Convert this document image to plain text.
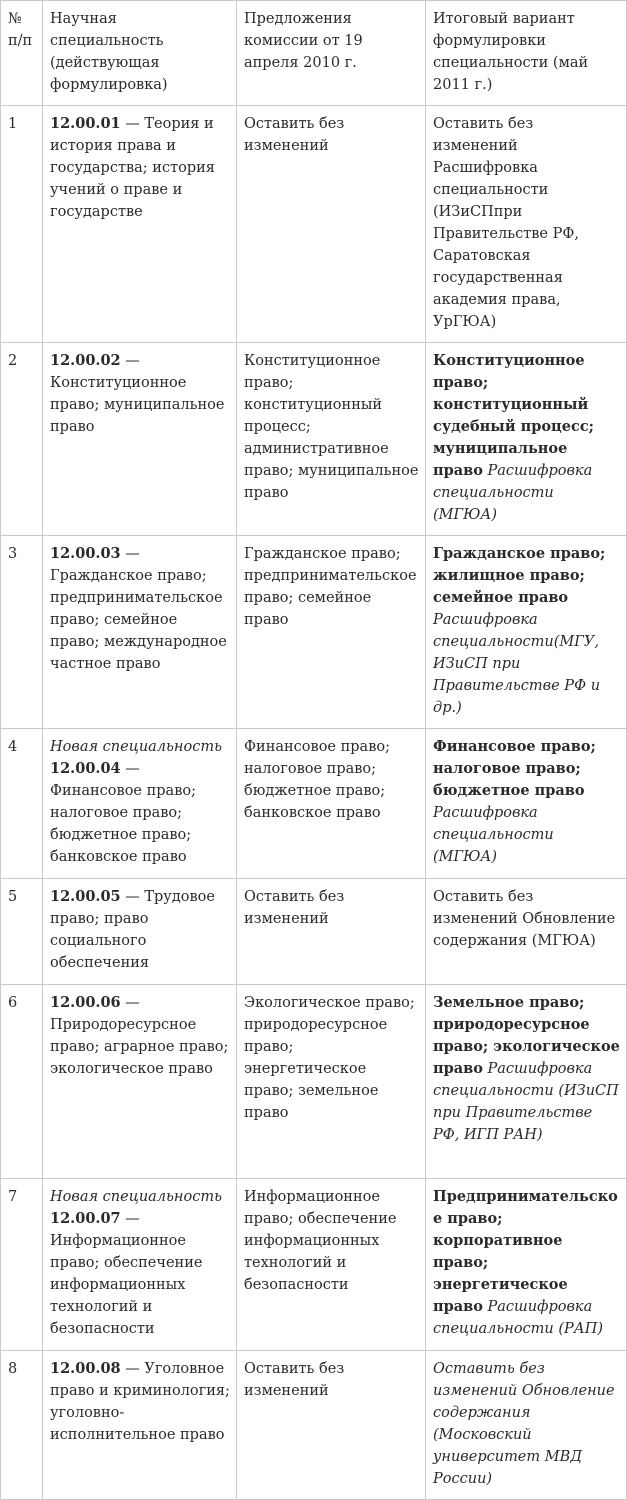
№ п/п	Научная специальность (действующая формулировка)	Предложения комиссии от 19 апреля 2010 г.	Итоговый вариант формулировки специальности (май 2011 г.)
1	12.00.01 — Теория и история права и государства; история учений о праве и государстве	Оставить без изменений	Оставить без изменений Расшифровка специальности (ИЗиСПпри Правительстве РФ, Саратовская государственная академия права, УрГЮА)
2	12.00.02 — Конституционное право; муниципальное право	Конституционное право; конституционный процесс; административное право; муниципальное право	Конституционное право; конституционный судебный процесс; муниципальное право Расшифровка специальности (МГЮА)
3	12.00.03 — Гражданское право; предпринимательское право; семейное право; международное частное право	Гражданское право; предпринимательское право; семейное право	Гражданское право; жилищное право; семейное право Расшифровка специальности(МГУ, ИЗиСП при Правительстве РФ и др.)
4	Новая специальность 12.00.04 — Финансовое право; налоговое право; бюджетное право; банковское право	Финансовое право; налоговое право; бюджетное право; банковское право	Финансовое право; налоговое право; бюджетное право Расшифровка специальности (МГЮА)
5	12.00.05 — Трудовое право; право социального обеспечения	Оставить без изменений	Оставить без изменений Обновление содержания (МГЮА)
6	12.00.06 — Природоресурсное право; аграрное право; экологическое право	Экологическое право; природоресурсное право; энергетическое право; земельное право	Земельное право; природоресурсное право; экологическое право Расшифровка специальности (ИЗиСП при Правительстве РФ, ИГП РАН)
7	Новая специальность 12.00.07 — Информационное право; обеспечение информационных технологий и безопасности	Информационное право; обеспечение информационных технологий и безопасности	Предпринимательское право; корпоративное право; энергетическое право Расшифровка специальности (РАП)
8	12.00.08 — Уголовное право и криминология; уголовно-исполнительное право	Оставить без изменений	Оставить без изменений Обновление содержания (Московский университет МВД России)
